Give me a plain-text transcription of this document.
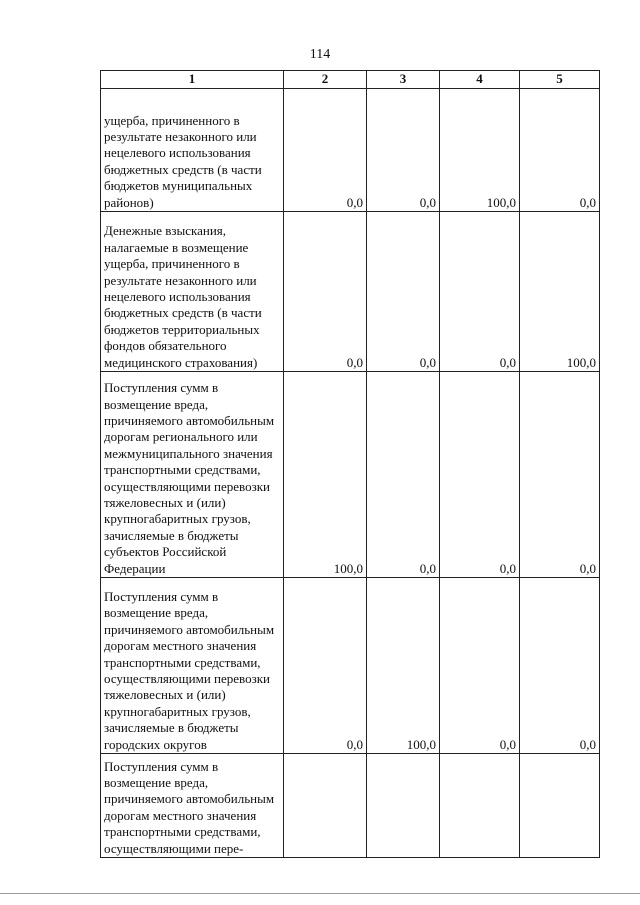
114
1	2	3	4	5
ущерба, причиненного в результате незаконного или нецелевого использования бюджетных средств (в части бюджетов муниципальных районов)	0,0	0,0	100,0	0,0
Денежные взыскания, налагаемые в возмещение ущерба, причиненного в результате незаконного или нецелевого использования бюджетных средств (в части бюджетов территориальных фондов обязательного медицинского страхования)	0,0	0,0	0,0	100,0
Поступления сумм в возмещение вреда, причиняемого автомобильным дорогам регионального или межмуниципального значения транспортными средствами, осуществляющими перевозки тяжеловесных и (или) крупногабаритных грузов, зачисляемые в бюджеты субъектов Российской Федерации	100,0	0,0	0,0	0,0
Поступления сумм в возмещение вреда, причиняемого автомобильным дорогам местного значения транспортными средствами, осуществляющими перевозки тяжеловесных и (или) крупногабаритных грузов, зачисляемые в бюджеты городских округов	0,0	100,0	0,0	0,0
Поступления сумм в возмещение вреда, причиняемого автомобильным дорогам местного значения транспортными средствами, осуществляющими пере-				
